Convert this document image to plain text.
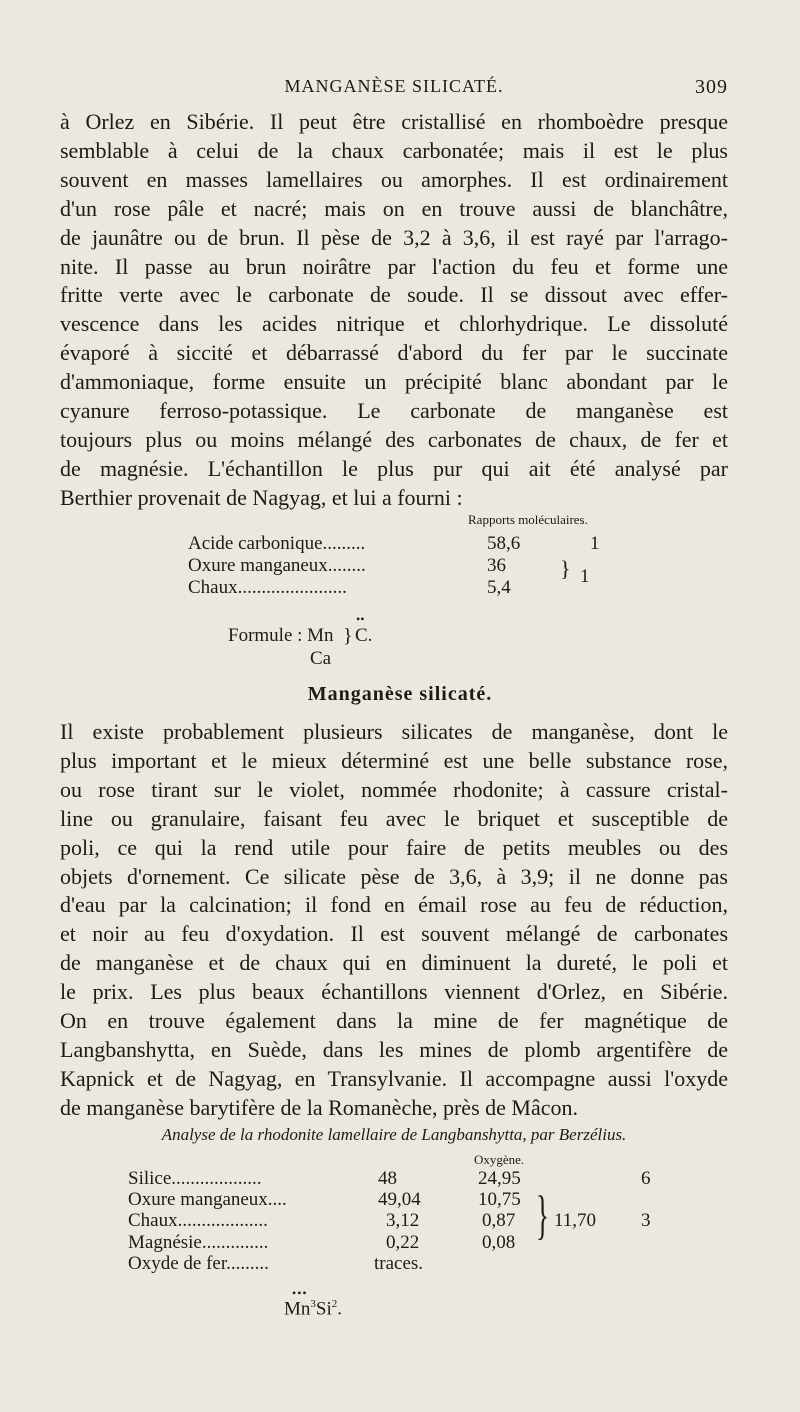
MANGANÈSE SILICATÉ.	309
à Orlez en Sibérie. Il peut être cristallisé en rhomboèdre presque
semblable à celui de la chaux carbonatée; mais il est le plus
souvent en masses lamellaires ou amorphes. Il est ordinairement
d'un rose pâle et nacré; mais on en trouve aussi de blanchâtre,
de jaunâtre ou de brun. Il pèse de 3,2 à 3,6, il est rayé par l'arrago-
nite. Il passe au brun noirâtre par l'action du feu et forme une
fritte verte avec le carbonate de soude. Il se dissout avec effer-
vescence dans les acides nitrique et chlorhydrique. Le dissoluté
évaporé à siccité et débarrassé d'abord du fer par le succinate
d'ammoniaque, forme ensuite un précipité blanc abondant par le
cyanure ferroso-potassique. Le carbonate de manganèse est
toujours plus ou moins mélangé des carbonates de chaux, de fer et
de magnésie. L'échantillon le plus pur qui ait été analysé par
Berthier provenait de Nagyag, et lui a fourni :
Rapports moléculaires.
Acide carbonique.........	58,6	1
Oxure manganeux........	36
1
Chaux.......................	5,4
}
Formule : Mn
••
} C.
Ca
Manganèse silicaté.
Il existe probablement plusieurs silicates de manganèse, dont le
plus important et le mieux déterminé est une belle substance rose,
ou rose tirant sur le violet, nommée rhodonite; à cassure cristal-
line ou granulaire, faisant feu avec le briquet et susceptible de
poli, ce qui la rend utile pour faire de petits meubles ou des
objets d'ornement. Ce silicate pèse de 3,6, à 3,9; il ne donne pas
d'eau par la calcination; il fond en émail rose au feu de réduction,
et noir au feu d'oxydation. Il est souvent mélangé de carbonates
de manganèse et de chaux qui en diminuent la dureté, le poli et
le prix. Les plus beaux échantillons viennent d'Orlez, en Sibérie.
On en trouve également dans la mine de fer magnétique de
Langbanshytta, en Suède, dans les mines de plomb argentifère de
Kapnick et de Nagyag, en Transylvanie. Il accompagne aussi l'oxyde
de manganèse barytifère de la Romanèche, près de Mâcon.
Analyse de la rhodonite lamellaire de Langbanshytta, par Berzélius.
Oxygène.
Silice...................	48	24,95	6
Oxure manganeux....	49,04	10,75
Chaux...................	3,12	0,87 11,70 3
Magnésie..............	0,22	0,08
Oxyde de fer.........	traces.
}
•••
Mn$^3$Si$^2$.
